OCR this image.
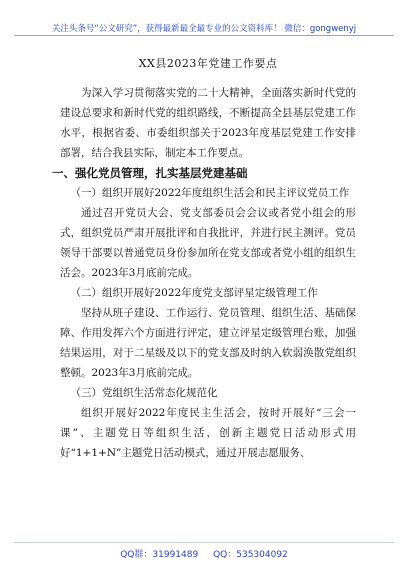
关注头条号“公文研究”，获得最新最全最专业的公文资料库！ 微信：gongwenyj
XX县2023年党建工作要点

为深入学习贯彻落实党的二十大精神，全面落实新时代党的建设总要求和新时代党的组织路线，不断提高全县基层党建工作水平，根据省委、市委组织部关于2023年度基层党建工作安排部署，结合我县实际，制定本工作要点。

一、强化党员管理，扎实基层党建基础

（一）组织开展好2022年度组织生活会和民主评议党员工作

通过召开党员大会、党支部委员会会议或者党小组会的形式，组织党员严肃开展批评和自我批评，并进行民主测评。党员领导干部要以普通党员身份参加所在党支部或者党小组的组织生活会。2023年3月底前完成。

（二）组织开展好2022年度党支部评星定级管理工作

坚持从班子建设、工作运行、党员管理、组织生活、基础保障、作用发挥六个方面进行评定，建立评星定级管理台账，加强结果运用，对于二星级及以下的党支部及时纳入软弱涣散党组织整顿。2023年3月底前完成。

（三）党组织生活常态化规范化

组织开展好2022年度民主生活会，按时开展好“三会一课”、主题党日等组织生活，创新主题党日活动形式用好“1+1+N”主题党日活动模式，通过开展志愿服务、

QQ群：31991489 QQ：535304092
